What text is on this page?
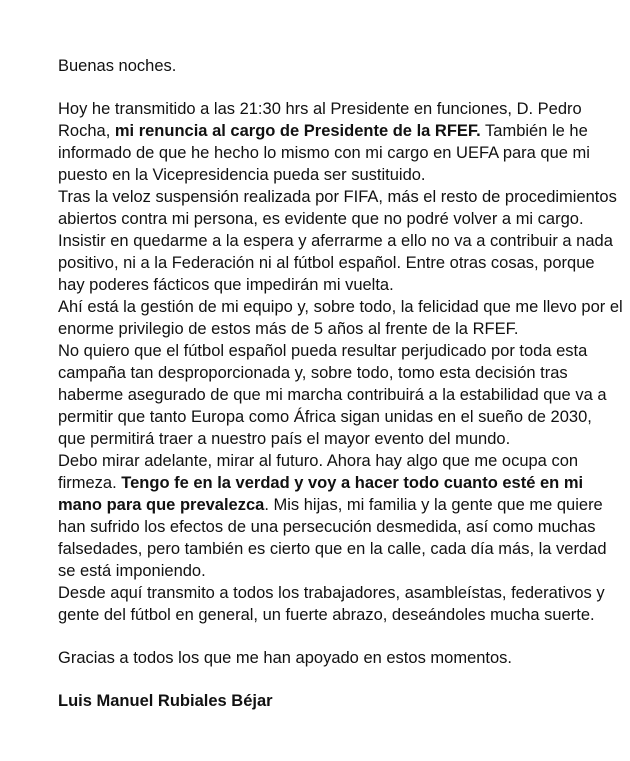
Buenas noches.

Hoy he transmitido a las 21:30 hrs al Presidente en funciones, D. Pedro Rocha, mi renuncia al cargo de Presidente de la RFEF. También le he informado de que he hecho lo mismo con mi cargo en UEFA para que mi puesto en la Vicepresidencia pueda ser sustituido.

Tras la veloz suspensión realizada por FIFA, más el resto de procedimientos abiertos contra mi persona, es evidente que no podré volver a mi cargo.

Insistir en quedarme a la espera y aferrarme a ello no va a contribuir a nada positivo, ni a la Federación ni al fútbol español. Entre otras cosas, porque hay poderes fácticos que impedirán mi vuelta.

Ahí está la gestión de mi equipo y, sobre todo, la felicidad que me llevo por el enorme privilegio de estos más de 5 años al frente de la RFEF.

No quiero que el fútbol español pueda resultar perjudicado por toda esta campaña tan desproporcionada y, sobre todo, tomo esta decisión tras haberme asegurado de que mi marcha contribuirá a la estabilidad que va a permitir que tanto Europa como África sigan unidas en el sueño de 2030, que permitirá traer a nuestro país el mayor evento del mundo.

Debo mirar adelante, mirar al futuro. Ahora hay algo que me ocupa con firmeza. Tengo fe en la verdad y voy a hacer todo cuanto esté en mi mano para que prevalezca. Mis hijas, mi familia y la gente que me quiere han sufrido los efectos de una persecución desmedida, así como muchas falsedades, pero también es cierto que en la calle, cada día más, la verdad se está imponiendo.

Desde aquí transmito a todos los trabajadores, asambleístas, federativos y gente del fútbol en general, un fuerte abrazo, deseándoles mucha suerte.

Gracias a todos los que me han apoyado en estos momentos.

Luis Manuel Rubiales Béjar
